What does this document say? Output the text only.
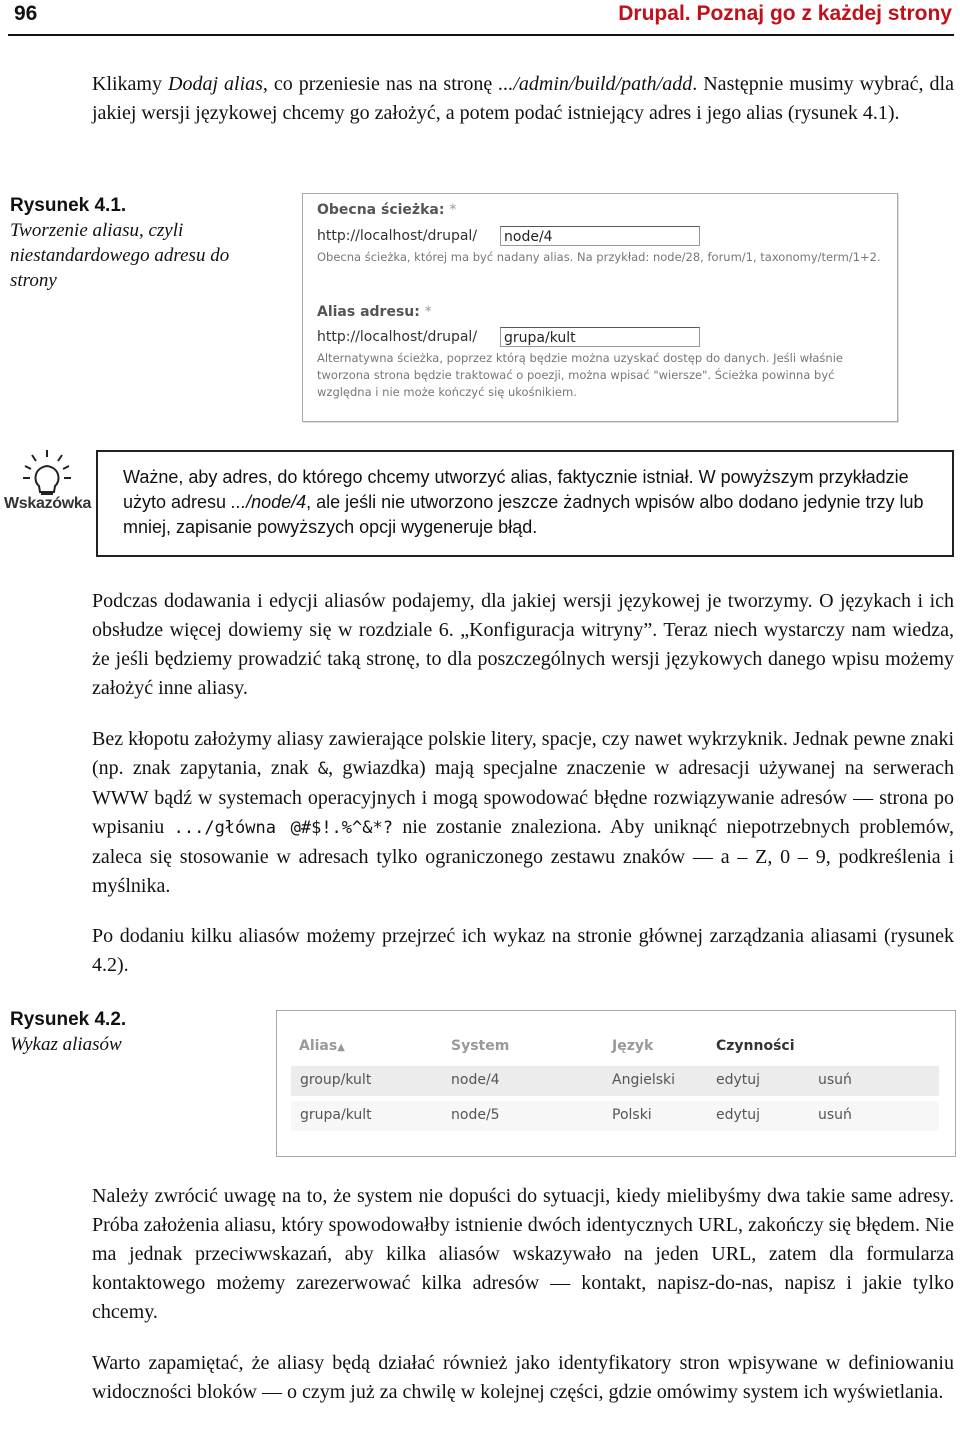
96	Drupal. Poznaj go z każdej strony

Klikamy Dodaj alias, co przeniesie nas na stronę .../admin/build/path/add. Następnie musimy wybrać, dla jakiej wersji językowej chcemy go założyć, a potem podać istniejący adres i jego alias (rysunek 4.1).

Rysunek 4.1.
Tworzenie aliasu, czyli niestandardowego adresu do strony
Obecna ścieżka: *
http://localhost/drupal/ node/4

Obecna ścieżka, której ma być nadany alias. Na przykład: node/28, forum/1, taxonomy/term/1+2.

Alias adresu: *
http://localhost/drupal/ grupa/kult

Alternatywna ścieżka, poprzez którą będzie można uzyskać dostęp do danych. Jeśli właśnie tworzona strona będzie traktować o poezji, można wpisać "wiersze". Ścieżka powinna być względna i nie może kończyć się ukośnikiem.

Wskazówka

Ważne, aby adres, do którego chcemy utworzyć alias, faktycznie istniał. W powyższym przykładzie użyto adresu .../node/4, ale jeśli nie utworzono jeszcze żadnych wpisów albo dodano jedynie trzy lub mniej, zapisanie powyższych opcji wygeneruje błąd.

Podczas dodawania i edycji aliasów podajemy, dla jakiej wersji językowej je tworzymy. O językach i ich obsłudze więcej dowiemy się w rozdziale 6. „Konfiguracja witryny”. Teraz niech wystarczy nam wiedza, że jeśli będziemy prowadzić taką stronę, to dla poszczególnych wersji językowych danego wpisu możemy założyć inne aliasy.

Bez kłopotu założymy aliasy zawierające polskie litery, spacje, czy nawet wykrzyknik. Jednak pewne znaki (np. znak zapytania, znak &, gwiazdka) mają specjalne znaczenie w adresacji używanej na serwerach WWW bądź w systemach operacyjnych i mogą spowodować błędne rozwiązywanie adresów — strona po wpisaniu .../główna @#$!.%^&*? nie zostanie znaleziona. Aby uniknąć niepotrzebnych problemów, zaleca się stosowanie w adresach tylko ograniczonego zestawu znaków — a – Z, 0 – 9, podkreślenia i myślnika.

Po dodaniu kilku aliasów możemy przejrzeć ich wykaz na stronie głównej zarządzania aliasami (rysunek 4.2).

Rysunek 4.2.
Wykaz aliasów	Alias▲	System	Język	Czynności
group/kult	node/4	Angielski	edytuj	usuń
grupa/kult	node/5	Polski	edytuj	usuń

Należy zwrócić uwagę na to, że system nie dopuści do sytuacji, kiedy mielibyśmy dwa takie same adresy. Próba założenia aliasu, który spowodowałby istnienie dwóch identycznych URL, zakończy się błędem. Nie ma jednak przeciwwskazań, aby kilka aliasów wskazywało na jeden URL, zatem dla formularza kontaktowego możemy zarezerwować kilka adresów — kontakt, napisz-do-nas, napisz i jakie tylko chcemy.

Warto zapamiętać, że aliasy będą działać również jako identyfikatory stron wpisywane w definiowaniu widoczności bloków — o czym już za chwilę w kolejnej części, gdzie omówimy system ich wyświetlania.
